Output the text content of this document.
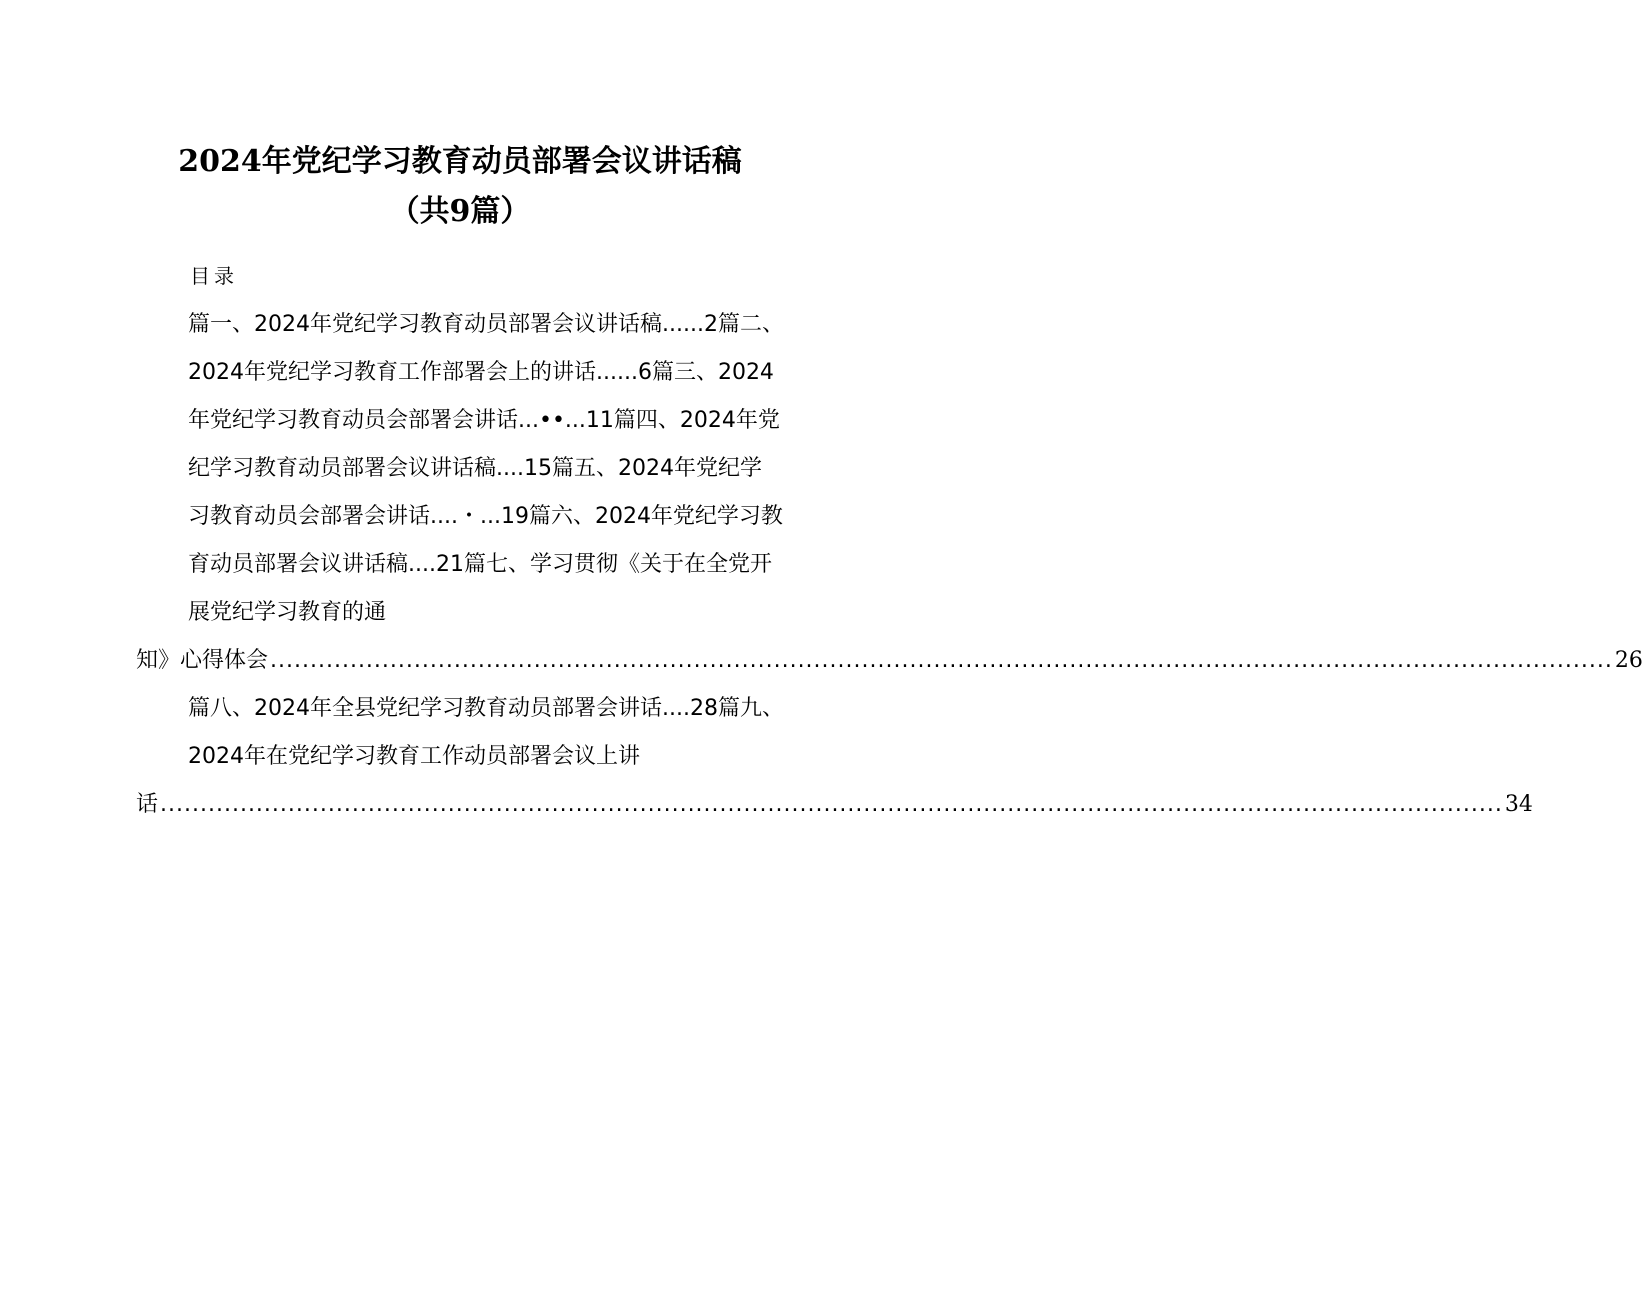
2024年党纪学习教育动员部署会议讲话稿
（共9篇）
目录

篇一、2024年党纪学习教育动员部署会议讲话稿......2篇二、

2024年党纪学习教育工作部署会上的讲话......6篇三、2024

年党纪学习教育动员会部署会讲话...••...11篇四、2024年党

纪学习教育动员部署会议讲话稿....15篇五、2024年党纪学

习教育动员会部署会讲话....・...19篇六、2024年党纪学习教

育动员部署会议讲话稿....21篇七、学习贯彻《关于在全党开

展党纪学习教育的通

知》心得体会 ........................................................................................................................................................................ 26

篇八、2024年全县党纪学习教育动员部署会讲话....28篇九、

2024年在党纪学习教育工作动员部署会议上讲

话 ........................................................................................................................................................................ 34
